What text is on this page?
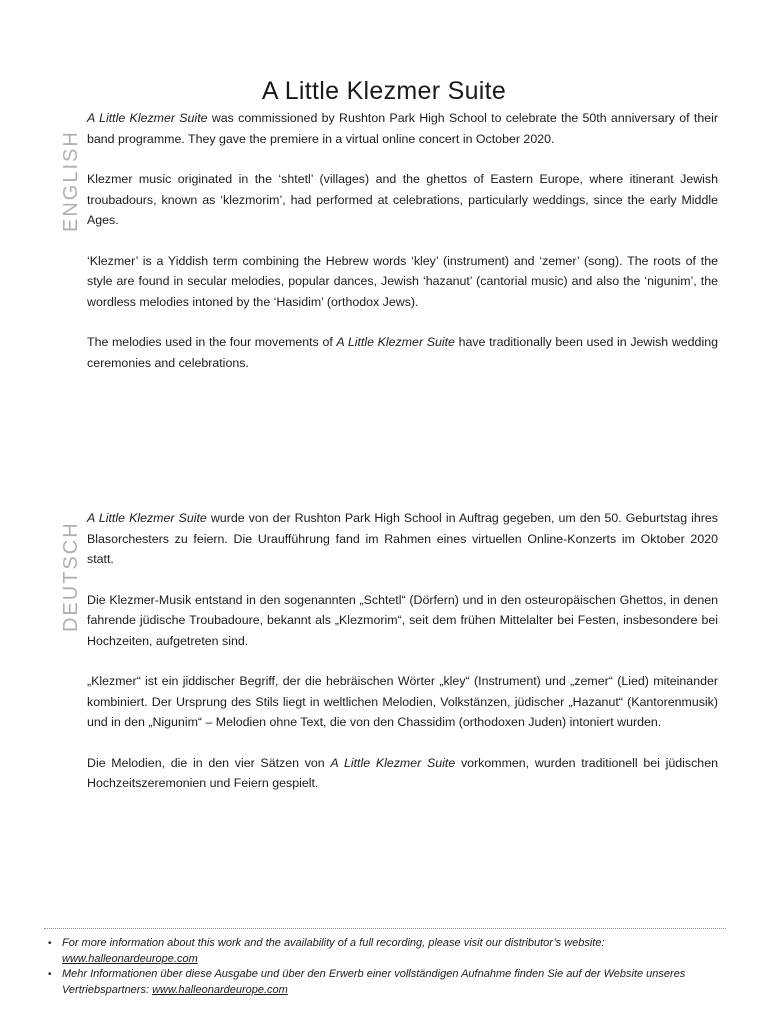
A Little Klezmer Suite
ENGLISH

A Little Klezmer Suite was commissioned by Rushton Park High School to celebrate the 50th anniversary of their band programme. They gave the premiere in a virtual online concert in October 2020.

Klezmer music originated in the ‘shtetl’ (villages) and the ghettos of Eastern Europe, where itinerant Jewish troubadours, known as ‘klezmorim’, had performed at celebrations, particularly weddings, since the early Middle Ages.

‘Klezmer’ is a Yiddish term combining the Hebrew words ‘kley’ (instrument) and ‘zemer’ (song). The roots of the style are found in secular melodies, popular dances, Jewish ‘hazanut’ (cantorial music) and also the ‘nigunim’, the wordless melodies intoned by the ‘Hasidim’ (orthodox Jews).

The melodies used in the four movements of A Little Klezmer Suite have traditionally been used in Jewish wedding ceremonies and celebrations.

DEUTSCH

A Little Klezmer Suite wurde von der Rushton Park High School in Auftrag gegeben, um den 50. Geburtstag ihres Blasorchesters zu feiern. Die Uraufführung fand im Rahmen eines virtuellen Online-Konzerts im Oktober 2020 statt.

Die Klezmer-Musik entstand in den sogenannten „Schtetl“ (Dörfern) und in den osteuropäischen Ghettos, in denen fahrende jüdische Troubadoure, bekannt als „Klezmorim“, seit dem frühen Mittelalter bei Festen, insbesondere bei Hochzeiten, aufgetreten sind.

„Klezmer“ ist ein jiddischer Begriff, der die hebräischen Wörter „kley“ (Instrument) und „zemer“ (Lied) miteinander kombiniert. Der Ursprung des Stils liegt in weltlichen Melodien, Volkstänzen, jüdischer „Hazanut“ (Kantorenmusik) und in den „Nigunim“ – Melodien ohne Text, die von den Chassidim (orthodoxen Juden) intoniert wurden.

Die Melodien, die in den vier Sätzen von A Little Klezmer Suite vorkommen, wurden traditionell bei jüdischen Hochzeitszeremonien und Feiern gespielt.

• For more information about this work and the availability of a full recording, please visit our distributor’s website: www.halleonardeurope.com
• Mehr Informationen über diese Ausgabe und über den Erwerb einer vollständigen Aufnahme finden Sie auf der Website unseres Vertriebspartners: www.halleonardeurope.com
